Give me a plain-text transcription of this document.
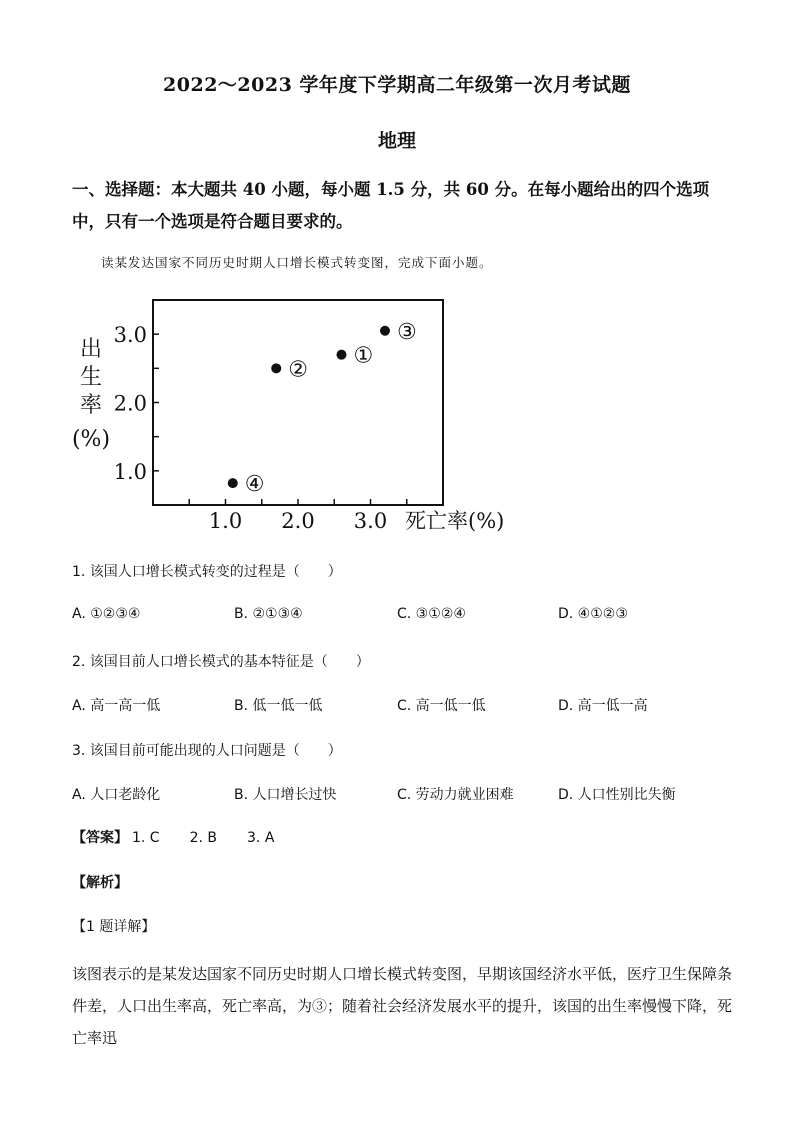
2022～2023 学年度下学期高二年级第一次月考试题
地理
一、选择题：本大题共 40 小题，每小题 1.5 分，共 60 分。在每小题给出的四个选项中，只有一个选项是符合题目要求的。
读某发达国家不同历史时期人口增长模式转变图，完成下面小题。
1.0
2.0
3.0
1.0 2.0 3.0 死亡率(%)
出
生
率
(%)
①
②
③
④
1. 该国人口增长模式转变的过程是（　　）
A. ①②③④	B. ②①③④	C. ③①②④	D. ④①②③
2. 该国目前人口增长模式的基本特征是（　　）
A. 高一高一低	B. 低一低一低	C. 高一低一低	D. 高一低一高
3. 该国目前可能出现的人口问题是（　　）
A. 人口老龄化	B. 人口增长过快	C. 劳动力就业困难	D. 人口性别比失衡
【答案】 1. C 2. B 3. A
【解析】
【1 题详解】
该图表示的是某发达国家不同历史时期人口增长模式转变图，早期该国经济水平低，医疗卫生保障条件差，人口出生率高，死亡率高，为③；随着社会经济发展水平的提升，该国的出生率慢慢下降，死亡率迅
